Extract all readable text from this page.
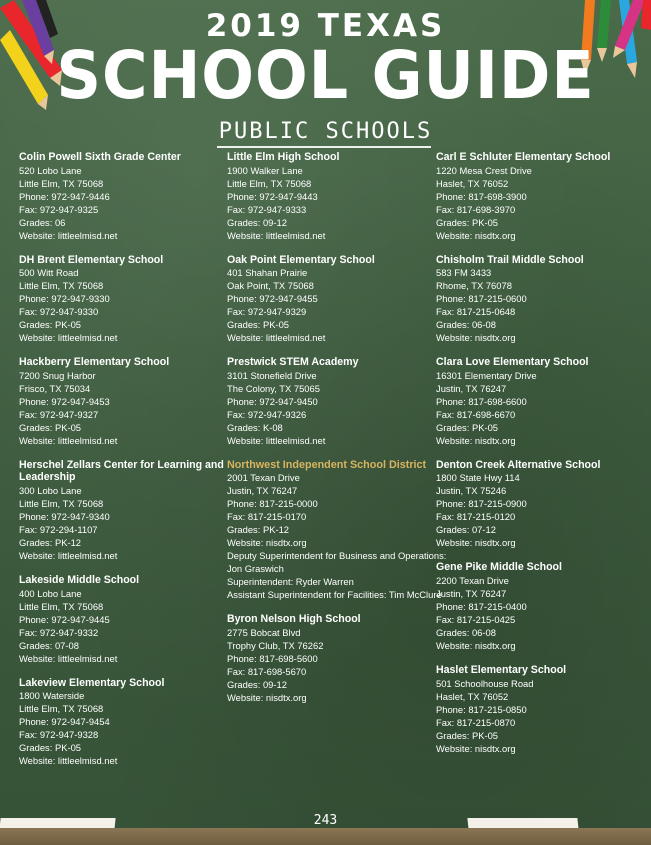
2019 TEXAS
SCHOOL GUIDE
PUBLIC SCHOOLS
Colin Powell Sixth Grade Center
520 Lobo Lane
Little Elm, TX 75068
Phone: 972-947-9446
Fax: 972-947-9325
Grades: 06
Website: littleelmisd.net
DH Brent Elementary School
500 Witt Road
Little Elm, TX 75068
Phone: 972-947-9330
Fax: 972-947-9330
Grades: PK-05
Website: littleelmisd.net
Hackberry Elementary School
7200 Snug Harbor
Frisco, TX 75034
Phone: 972-947-9453
Fax: 972-947-9327
Grades: PK-05
Website: littleelmisd.net
Herschel Zellars Center for Learning and Leadership
300 Lobo Lane
Little Elm, TX 75068
Phone: 972-947-9340
Fax: 972-294-1107
Grades: PK-12
Website: littleelmisd.net
Lakeside Middle School
400 Lobo Lane
Little Elm, TX 75068
Phone: 972-947-9445
Fax: 972-947-9332
Grades: 07-08
Website: littleelmisd.net
Lakeview Elementary School
1800 Waterside
Little Elm, TX 75068
Phone: 972-947-9454
Fax: 972-947-9328
Grades: PK-05
Website: littleelmisd.net
Little Elm High School
1900 Walker Lane
Little Elm, TX 75068
Phone: 972-947-9443
Fax: 972-947-9333
Grades: 09-12
Website: littleelmisd.net
Oak Point Elementary School
401 Shahan Prairie
Oak Point, TX 75068
Phone: 972-947-9455
Fax: 972-947-9329
Grades: PK-05
Website: littleelmisd.net
Prestwick STEM Academy
3101 Stonefield Drive
The Colony, TX 75065
Phone: 972-947-9450
Fax: 972-947-9326
Grades: K-08
Website: littleelmisd.net
Northwest Independent School District
2001 Texan Drive
Justin, TX 76247
Phone: 817-215-0000
Fax: 817-215-0170
Grades: PK-12
Website: nisdtx.org
Deputy Superintendent for Business and Operations:
Jon Graswich
Superintendent: Ryder Warren
Assistant Superintendent for Facilities: Tim McClure
Byron Nelson High School
2775 Bobcat Blvd
Trophy Club, TX 76262
Phone: 817-698-5600
Fax: 817-698-5670
Grades: 09-12
Website: nisdtx.org
Carl E Schluter Elementary School
1220 Mesa Crest Drive
Haslet, TX 76052
Phone: 817-698-3900
Fax: 817-698-3970
Grades: PK-05
Website: nisdtx.org
Chisholm Trail Middle School
583 FM 3433
Rhome, TX 76078
Phone: 817-215-0600
Fax: 817-215-0648
Grades: 06-08
Website: nisdtx.org
Clara Love Elementary School
16301 Elementary Drive
Justin, TX 76247
Phone: 817-698-6600
Fax: 817-698-6670
Grades: PK-05
Website: nisdtx.org
Denton Creek Alternative School
1800 State Hwy 114
Justin, TX 75246
Phone: 817-215-0900
Fax: 817-215-0120
Grades: 07-12
Website: nisdtx.org
Gene Pike Middle School
2200 Texan Drive
Justin, TX 76247
Phone: 817-215-0400
Fax: 817-215-0425
Grades: 06-08
Website: nisdtx.org
Haslet Elementary School
501 Schoolhouse Road
Haslet, TX 76052
Phone: 817-215-0850
Fax: 817-215-0870
Grades: PK-05
Website: nisdtx.org
243
